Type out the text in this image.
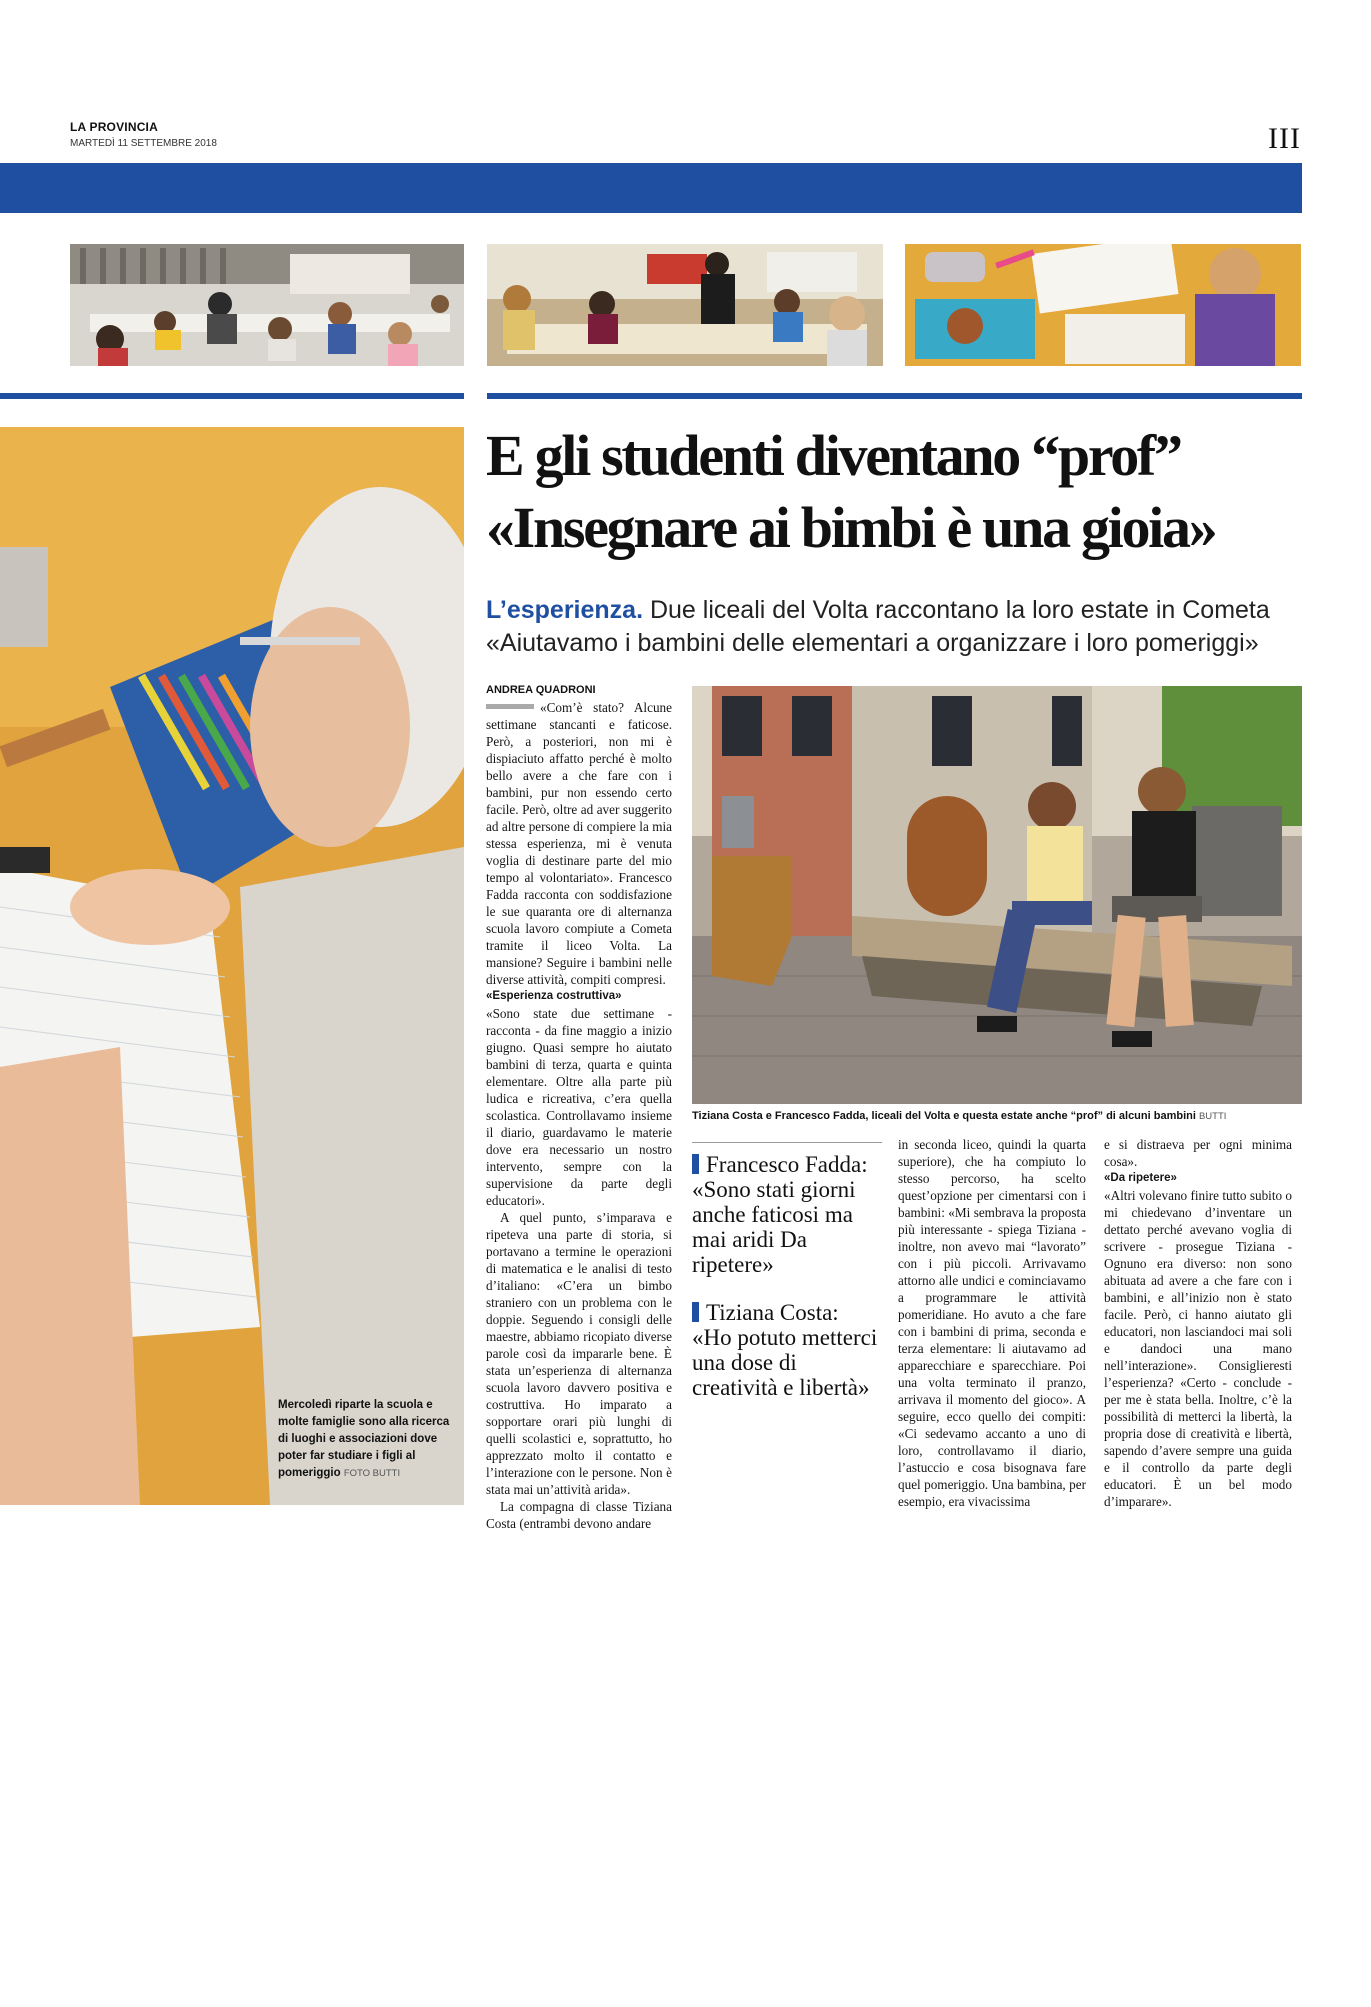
LA PROVINCIA
MARTEDÌ 11 SETTEMBRE 2018	III
Mercoledì riparte la scuola e molte famiglie sono alla ricerca di luoghi e associazioni dove poter far studiare i figli al pomeriggio FOTO BUTTI
E gli studenti diventano “prof”
«Insegnare ai bimbi è una gioia»
L’esperienza. Due liceali del Volta raccontano la loro estate in Cometa
«Aiutavamo i bambini delle elementari a organizzare i loro pomeriggi»
ANDREA QUADRONI

«Com’è stato? Alcune settimane stancanti e faticose. Però, a posteriori, non mi è dispiaciuto affatto perché è molto bello avere a che fare con i bambini, pur non essendo certo facile. Però, oltre ad aver suggerito ad altre persone di compiere la mia stessa esperienza, mi è venuta voglia di destinare parte del mio tempo al volontariato». Francesco Fadda racconta con soddisfazione le sue quaranta ore di alternanza scuola lavoro compiute a Cometa tramite il liceo Volta. La mansione? Seguire i bambini nelle diverse attività, compiti compresi.

«Esperienza costruttiva»

«Sono state due settimane - racconta - da fine maggio a inizio giugno. Quasi sempre ho aiutato bambini di terza, quarta e quinta elementare. Oltre alla parte più ludica e ricreativa, c’era quella scolastica. Controllavamo insieme il diario, guardavamo le materie dove era necessario un nostro intervento, sempre con la supervisione da parte degli educatori».

A quel punto, s’imparava e ripeteva una parte di storia, si portavano a termine le operazioni di matematica e le analisi di testo d’italiano: «C’era un bimbo straniero con un problema con le doppie. Seguendo i consigli delle maestre, abbiamo ricopiato diverse parole così da impararle bene. È stata un’esperienza di alternanza scuola lavoro davvero positiva e costruttiva. Ho imparato a sopportare orari più lunghi di quelli scolastici e, soprattutto, ho apprezzato molto il contatto e l’interazione con le persone. Non è stata mai un’attività arida».

La compagna di classe Tiziana Costa (entrambi devono andare

Tiziana Costa e Francesco Fadda, liceali del Volta e questa estate anche “prof” di alcuni bambini BUTTI
Francesco Fadda:
«Sono stati giorni anche faticosi ma mai aridi Da ripetere»
Tiziana Costa:
«Ho potuto metterci una dose di creatività e libertà»

in seconda liceo, quindi la quarta superiore), che ha compiuto lo stesso percorso, ha scelto quest’opzione per cimentarsi con i bambini: «Mi sembrava la proposta più interessante - spiega Tiziana - inoltre, non avevo mai “lavorato” con i più piccoli. Arrivavamo attorno alle undici e cominciavamo a programmare le attività pomeridiane. Ho avuto a che fare con i bambini di prima, seconda e terza elementare: li aiutavamo ad apparecchiare e sparecchiare. Poi una volta terminato il pranzo, arrivava il momento del gioco». A seguire, ecco quello dei compiti: «Ci sedevamo accanto a uno di loro, controllavamo il diario, l’astuccio e cosa bisognava fare quel pomeriggio. Una bambina, per esempio, era vivacissima

e si distraeva per ogni minima cosa».

«Da ripetere»

«Altri volevano finire tutto subito o mi chiedevano d’inventare un dettato perché avevano voglia di scrivere - prosegue Tiziana - Ognuno era diverso: non sono abituata ad avere a che fare con i bambini, e all’inizio non è stato facile. Però, ci hanno aiutato gli educatori, non lasciandoci mai soli e dandoci una mano nell’interazione». Consiglieresti l’esperienza? «Certo - conclude - per me è stata bella. Inoltre, c’è la possibilità di metterci la libertà, la propria dose di creatività e libertà, sapendo d’avere sempre una guida e il controllo da parte degli educatori. È un bel modo d’imparare».
